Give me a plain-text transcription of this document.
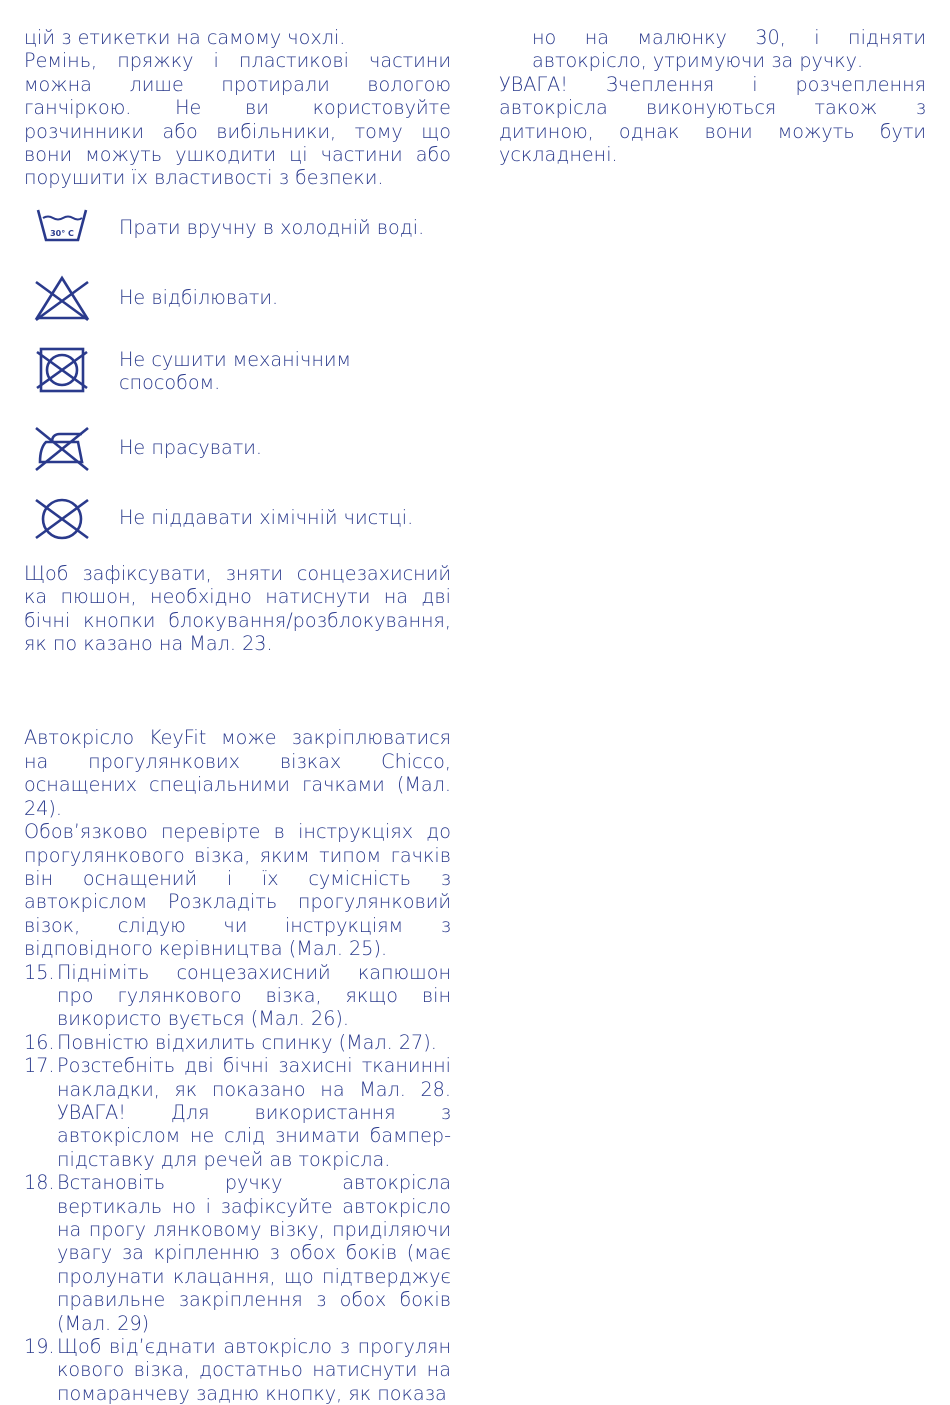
цій з етикетки на самому чохлі.

Ремінь, пряжку і пластикові частини можна лише протирали вологою ганчіркою. Не ви користовуйте розчинники або вибільники, тому що вони можуть ушкодити ці частини або порушити їх властивості з безпеки.

30° C Прати вручну в холодній воді.
Не відбілювати.
Не сушити механічним
способом.
Не прасувати.
Не піддавати хімічній чистці.

Щоб зафіксувати, зняти сонцезахисний ка пюшон, необхідно натиснути на дві бічні кнопки блокування/розблокування, як по казано на Мал. 23.

Автокрісло KeyFit може закріплюватися на прогулянкових візках Chicco, оснащених спеціальними гачками (Мал. 24).

Обов’язково перевірте в інструкціях до прогулянкового візка, яким типом гачків він оснащений і їх сумісність з автокріслом Розкладіть прогулянковий візок, слідую чи інструкціям з відповідного керівництва (Мал. 25).

15. Підніміть сонцезахисний капюшон про гулянкового візка, якщо він використо вується (Мал. 26).
16. Повністю відхилить спинку (Мал. 27).
17. Розстебніть дві бічні захисні тканинні накладки, як показано на Мал. 28. УВАГА! Для використання з автокріслом не слід знимати бампер-підставку для речей ав токрісла.
18. Встановіть ручку автокрісла вертикаль но і зафіксуйте автокрісло на прогу лянковому візку, приділяючи увагу за кріпленню з обох боків (має пролунати клацання, що підтверджує правильне закріплення з обох боків (Мал. 29)
19. Щоб від’єднати автокрісло з прогулян кового візка, достатньо натиснути на помаранчеву задню кнопку, як показа

но на малюнку 30, і підняти автокрісло, утримуючи за ручку.

УВАГА! Зчеплення і розчеплення автокрісла виконуються також з дитиною, однак вони можуть бути ускладнені.
